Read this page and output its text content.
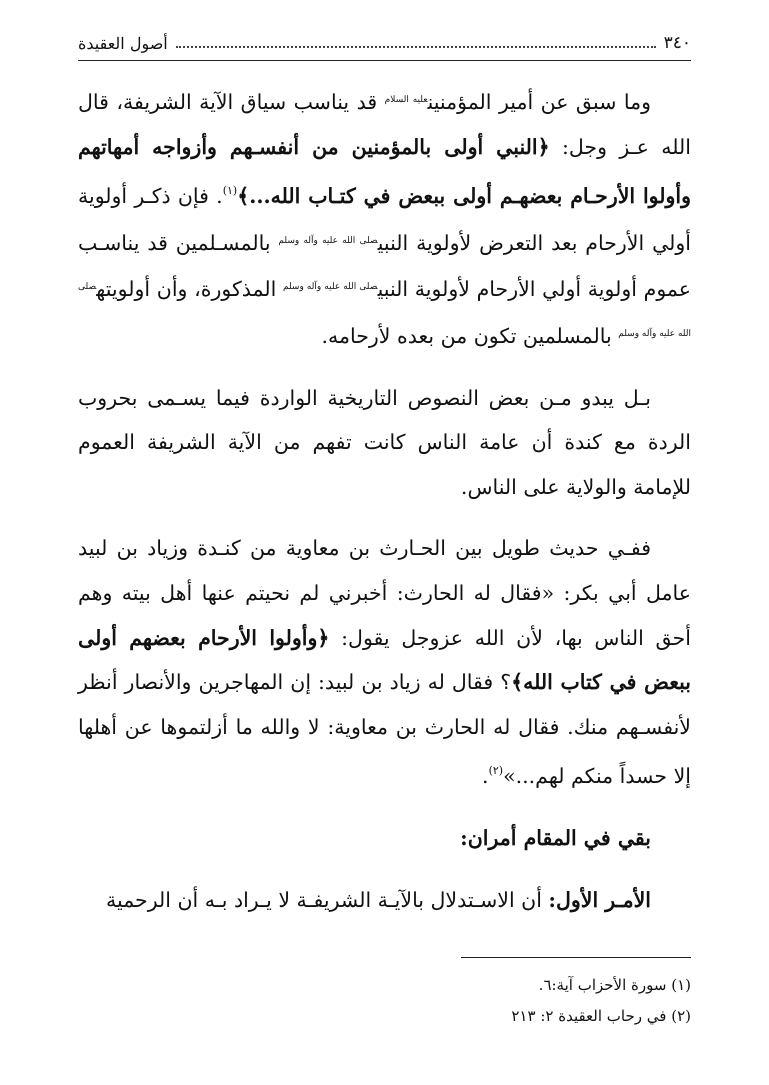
٣٤٠
أصول العقيدة

وما سبق عن أمير المؤمنين$^{عليه السلام}$ قد يناسب سياق الآية الشريفة، قال الله عـز وجل: ﴿النبي أولى بالمؤمنين من أنفسـهم وأزواجه أمهاتهم وأولوا الأرحـام بعضهـم أولى ببعض في كتـاب الله...﴾$^{(١)}$. فإن ذكـر أولوية أولي الأرحام بعد التعرض لأولوية النبي$^{صلى الله عليه وآله وسلم}$ بالمسـلمين قد يناسـب عموم أولوية أولي الأرحام لأولوية النبي$^{صلى الله عليه وآله وسلم}$ المذكورة، وأن أولويته$^{صلى الله عليه وآله وسلم}$ بالمسلمين تكون من بعده لأرحامه.

بـل يبدو مـن بعض النصوص التاريخية الواردة فيما يسـمى بحروب الردة مع كندة أن عامة الناس كانت تفهم من الآية الشريفة العموم للإمامة والولاية على الناس.

ففـي حديث طويل بين الحـارث بن معاوية من كنـدة وزياد بن لبيد عامل أبي بكر: «فقال له الحارث: أخبرني لم نحيتم عنها أهل بيته وهم أحق الناس بها، لأن الله عزوجل يقول: ﴿وأولوا الأرحام بعضهم أولى ببعض في كتاب الله﴾؟ فقال له زياد بن لبيد: إن المهاجرين والأنصار أنظر لأنفسـهم منك. فقال له الحارث بن معاوية: لا والله ما أزلتموها عن أهلها إلا حسداً منكم لهم...»$^{(٢)}$.

بقي في المقام أمران:

الأمـر الأول: أن الاسـتدلال بالآيـة الشريفـة لا يـراد بـه أن الرحمية

(١) سورة الأحزاب آية:٦.
(٢) في رحاب العقيدة ٢: ٢١٣
